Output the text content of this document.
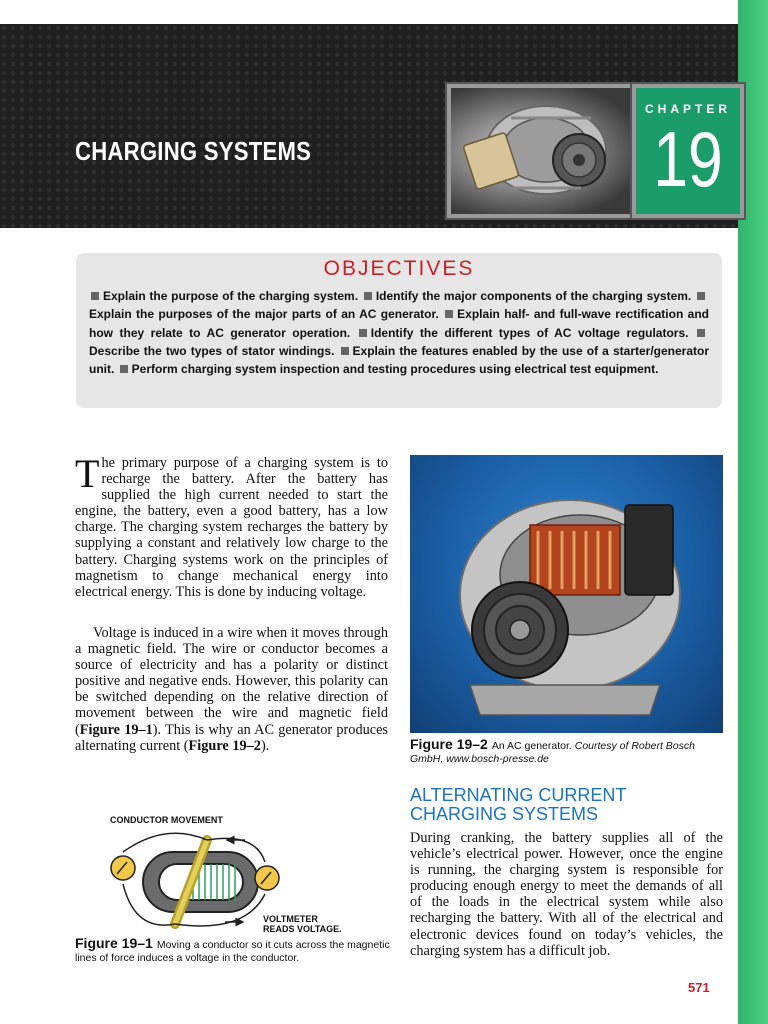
CHARGING SYSTEMS
CHAPTER
19
OBJECTIVES
Explain the purpose of the charging system. Identify the major components of the charging system. Explain the purposes of the major parts of an AC generator. Explain half- and full-wave rectification and how they relate to AC generator operation. Identify the different types of AC voltage regulators. Describe the two types of stator windings. Explain the features enabled by the use of a starter/generator unit. Perform charging system inspection and testing procedures using electrical test equipment.
The primary purpose of a charging system is to recharge the battery. After the battery has supplied the high current needed to start the engine, the battery, even a good battery, has a low charge. The charging system recharges the battery by supplying a constant and relatively low charge to the battery. Charging systems work on the principles of magnetism to change mechanical energy into electrical energy. This is done by inducing voltage.
Voltage is induced in a wire when it moves through a magnetic field. The wire or conductor becomes a source of electricity and has a polarity or distinct positive and negative ends. However, this polarity can be switched depending on the relative direction of movement between the wire and magnetic field (Figure 19–1). This is why an AC generator produces alternating current (Figure 19–2).
CONDUCTOR MOVEMENT
VOLTMETER
READS VOLTAGE.
Figure 19–1 Moving a conductor so it cuts across the magnetic lines of force induces a voltage in the conductor.
Figure 19–2 An AC generator. Courtesy of Robert Bosch GmbH, www.bosch-presse.de
ALTERNATING CURRENT CHARGING SYSTEMS
During cranking, the battery supplies all of the vehicle’s electrical power. However, once the engine is running, the charging system is responsible for producing enough energy to meet the demands of all of the loads in the electrical system while also recharging the battery. With all of the electrical and electronic devices found on today’s vehicles, the charging system has a difficult job.
571
